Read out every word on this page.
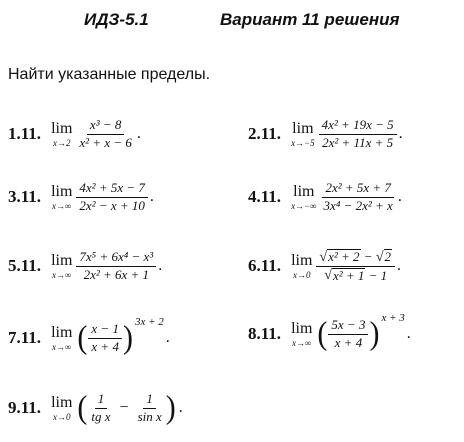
ИДЗ-5.1	Вариант 11 решения
Найти указанные пределы.
1.11. lim
$x\to 2 \frac{\text{x³ − 8}}{\text{x² + x − 6}}$ .	2.11. lim
$x\to-5 \frac{\text{4x² + 19x − 5}}{\text{2x² + 11x + 5}}$ .
3.11. lim
$x\to\infty \frac{\text{4x² + 5x − 7}}{\text{2x² − x + 10}}$ .	4.11. lim
$x\to-\infty \frac{\text{2x² + 5x + 7}}{\text{3x⁴ − 2x² + x}}$ .
5.11. lim
$x\to\infty \frac{\text{7x⁵ + 6x⁴ − x³}}{\text{2x² + 6x + 1}}$ .	6.11. lim
$x\to 0 \frac{\text{√ x² + 2 − √ 2}}{\text{√ x² + 1 − 1}}$ .
7.11. lim
x→∞ ( $\frac{x - 1}{x + 4}$ ) 3x + 2
.	8.11. lim
x→∞ ( $\frac{5x - 3}{x + 4}$ ) x + 3
.
9.11. lim
x→0 ( $\frac{1}{\text{tg x}} - \frac{1}{\text{sin x}}$ ) .
